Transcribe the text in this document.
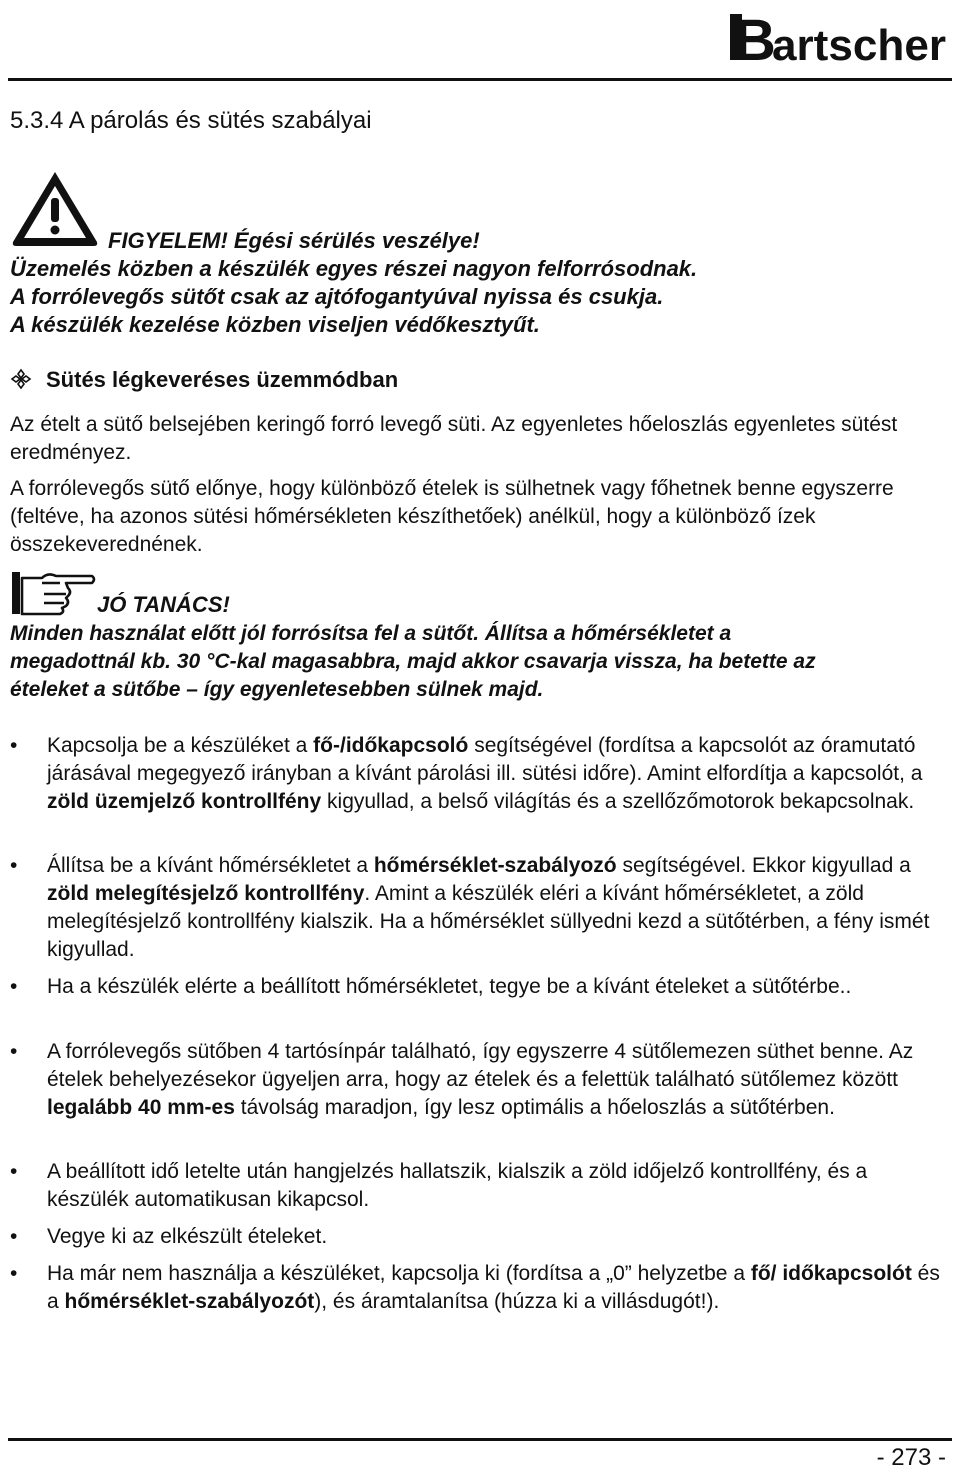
B
artscher
5.3.4 A párolás és sütés szabályai
FIGYELEM! Égési sérülés veszélye!
Üzemelés közben a készülék egyes részei nagyon felforrósodnak.
A forrólevegős sütőt csak az ajtófogantyúval nyissa és csukja.
A készülék kezelése közben viseljen védőkesztyűt.
Sütés légkeveréses üzemmódban
Az ételt a sütő belsejében keringő forró levegő süti. Az egyenletes hőeloszlás egyenletes sütést eredményez.
A forrólevegős sütő előnye, hogy különböző ételek is sülhetnek vagy főhetnek benne egyszerre (feltéve, ha azonos sütési hőmérsékleten készíthetőek) anélkül, hogy a különböző ízek összekeverednének.
JÓ TANÁCS!
Minden használat előtt jól forrósítsa fel a sütőt. Állítsa a hőmérsékletet a
megadottnál kb. 30 °C-kal magasabbra, majd akkor csavarja vissza, ha betette az
ételeket a sütőbe – így egyenletesebben sülnek majd.
•	Kapcsolja be a készüléket a fő-/időkapcsoló segítségével (fordítsa a kapcsolót az óramutató járásával megegyező irányban a kívánt párolási ill. sütési időre). Amint elfordítja a kapcsolót, a zöld üzemjelző kontrollfény kigyullad, a belső világítás és a szellőzőmotorok bekapcsolnak.
•	Állítsa be a kívánt hőmérsékletet a hőmérséklet-szabályozó segítségével. Ekkor kigyullad a zöld melegítésjelző kontrollfény. Amint a készülék eléri a kívánt hőmérsékletet, a zöld melegítésjelző kontrollfény kialszik. Ha a hőmérséklet süllyedni kezd a sütőtérben, a fény ismét kigyullad.
•	Ha a készülék elérte a beállított hőmérsékletet, tegye be a kívánt ételeket a sütőtérbe..
•	A forrólevegős sütőben 4 tartósínpár található, így egyszerre 4 sütőlemezen süthet benne. Az ételek behelyezésekor ügyeljen arra, hogy az ételek és a felettük található sütőlemez között legalább 40 mm-es távolság maradjon, így lesz optimális a hőeloszlás a sütőtérben.
•	A beállított idő letelte után hangjelzés hallatszik, kialszik a zöld időjelző kontrollfény, és a készülék automatikusan kikapcsol.
•	Vegye ki az elkészült ételeket.
•	Ha már nem használja a készüléket, kapcsolja ki (fordítsa a „0” helyzetbe a fő/ időkapcsolót és a hőmérséklet-szabályozót), és áramtalanítsa (húzza ki a villásdugót!).
- 273 -
